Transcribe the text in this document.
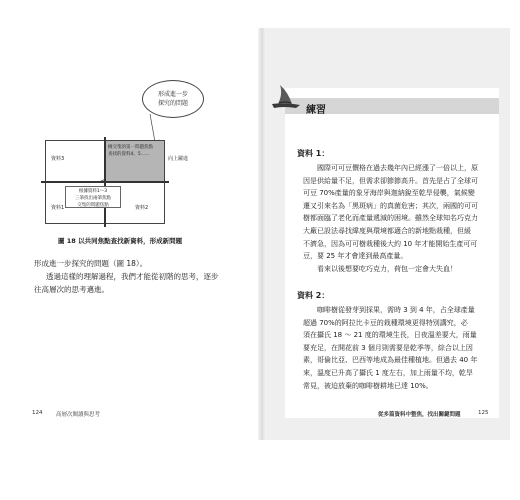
形成進一步
探究的問題
資料3
資料1	資料2
檢交集的第一問題焦點
查找的資料4、5……
向上躍進
根據資料1～3
三筆找出兩筆焦點
交集的問題焦點
圖 18 以共同焦點查找新資料，形成新問題
形成進一步探究的問題（圖 18）。
透過這樣的理解過程，我們才能從初階的思考，逐步
往高層次的思考邁進。
124 高層次閱讀與思考
練習
資料 1：
國際可可豆價格在過去幾年內已經漲了一倍以上，原
因是供給量不足，但需求卻節節高升。首先是占了全球可
可豆 70%產量的象牙海岸與迦納銳至乾旱侵襲，氣候變
遷又引來名為「黑斑病」的真菌危害；其次，兩國的可可
樹都面臨了老化而產量遞減的困境。雖然全球知名巧克力
大廠已設法尋找緯度與環境都適合的新地點栽種，但緩
不濟急，因為可可樹栽種後大約 10 年才能開始生產可可
豆，要 25 年才會達到最高產量。
看來以後想要吃巧克力，荷包一定會大失血！
資料 2：
咖啡樹從發芽到採果，需時 3 到 4 年，占全球產量
超過 70%的阿拉比卡豆的栽種環境更得特別講究，必
須在攝氏 18 ～ 21 度的環境生長，日夜溫差要大，雨量
要充足，在開花前 3 個月則需要是乾季等，綜合以上因
素，哥倫比亞、巴西等地成為最佳種植地。但過去 40 年
來，溫度已升高了攝氏 1 度左右，加上雨量不均，乾旱
常見，被迫放棄的咖啡樹耕地已達 10%。
從多篇資料中整焦，找出關鍵問題	125
